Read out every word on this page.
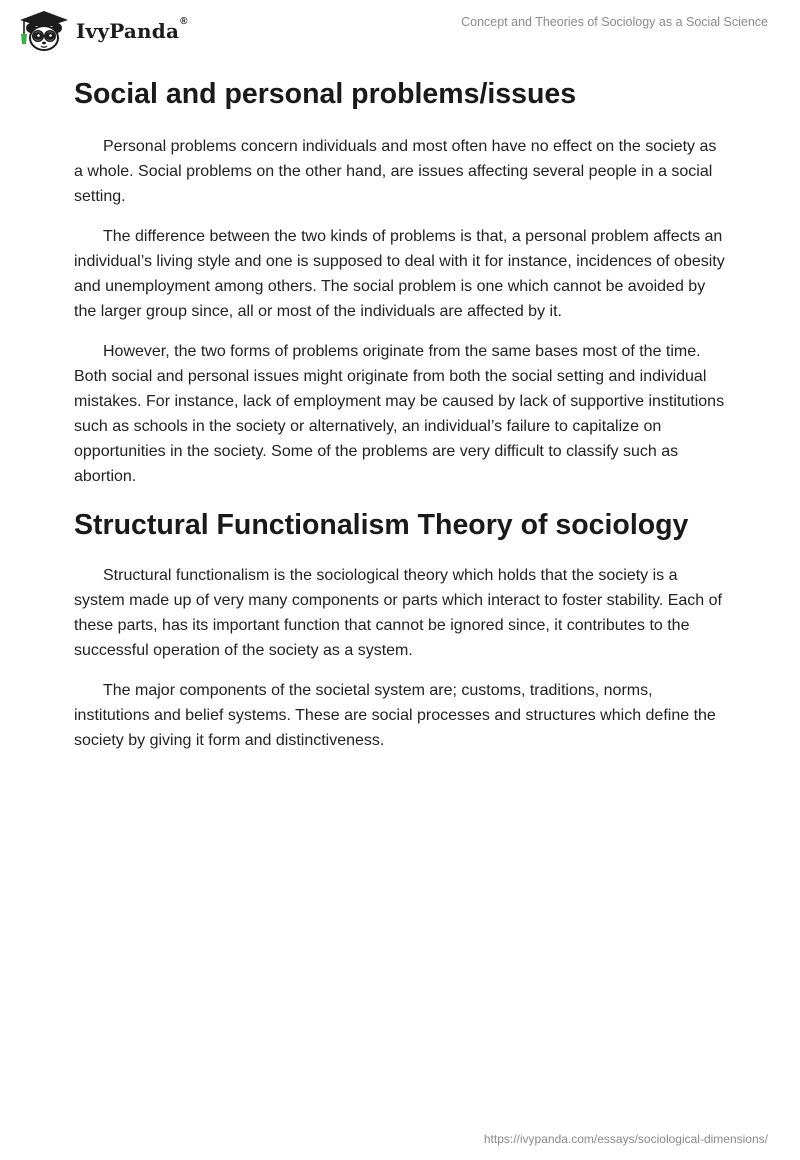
IvyPanda ®	Concept and Theories of Sociology as a Social Science
Social and personal problems/issues

Personal problems concern individuals and most often have no effect on the society as a whole. Social problems on the other hand, are issues affecting several people in a social setting.

The difference between the two kinds of problems is that, a personal problem affects an individual’s living style and one is supposed to deal with it for instance, incidences of obesity and unemployment among others. The social problem is one which cannot be avoided by the larger group since, all or most of the individuals are affected by it.

However, the two forms of problems originate from the same bases most of the time. Both social and personal issues might originate from both the social setting and individual mistakes. For instance, lack of employment may be caused by lack of supportive institutions such as schools in the society or alternatively, an individual’s failure to capitalize on opportunities in the society. Some of the problems are very difficult to classify such as abortion.

Structural Functionalism Theory of sociology

Structural functionalism is the sociological theory which holds that the society is a system made up of very many components or parts which interact to foster stability. Each of these parts, has its important function that cannot be ignored since, it contributes to the successful operation of the society as a system.

The major components of the societal system are; customs, traditions, norms, institutions and belief systems. These are social processes and structures which define the society by giving it form and distinctiveness.

https://ivypanda.com/essays/sociological-dimensions/
